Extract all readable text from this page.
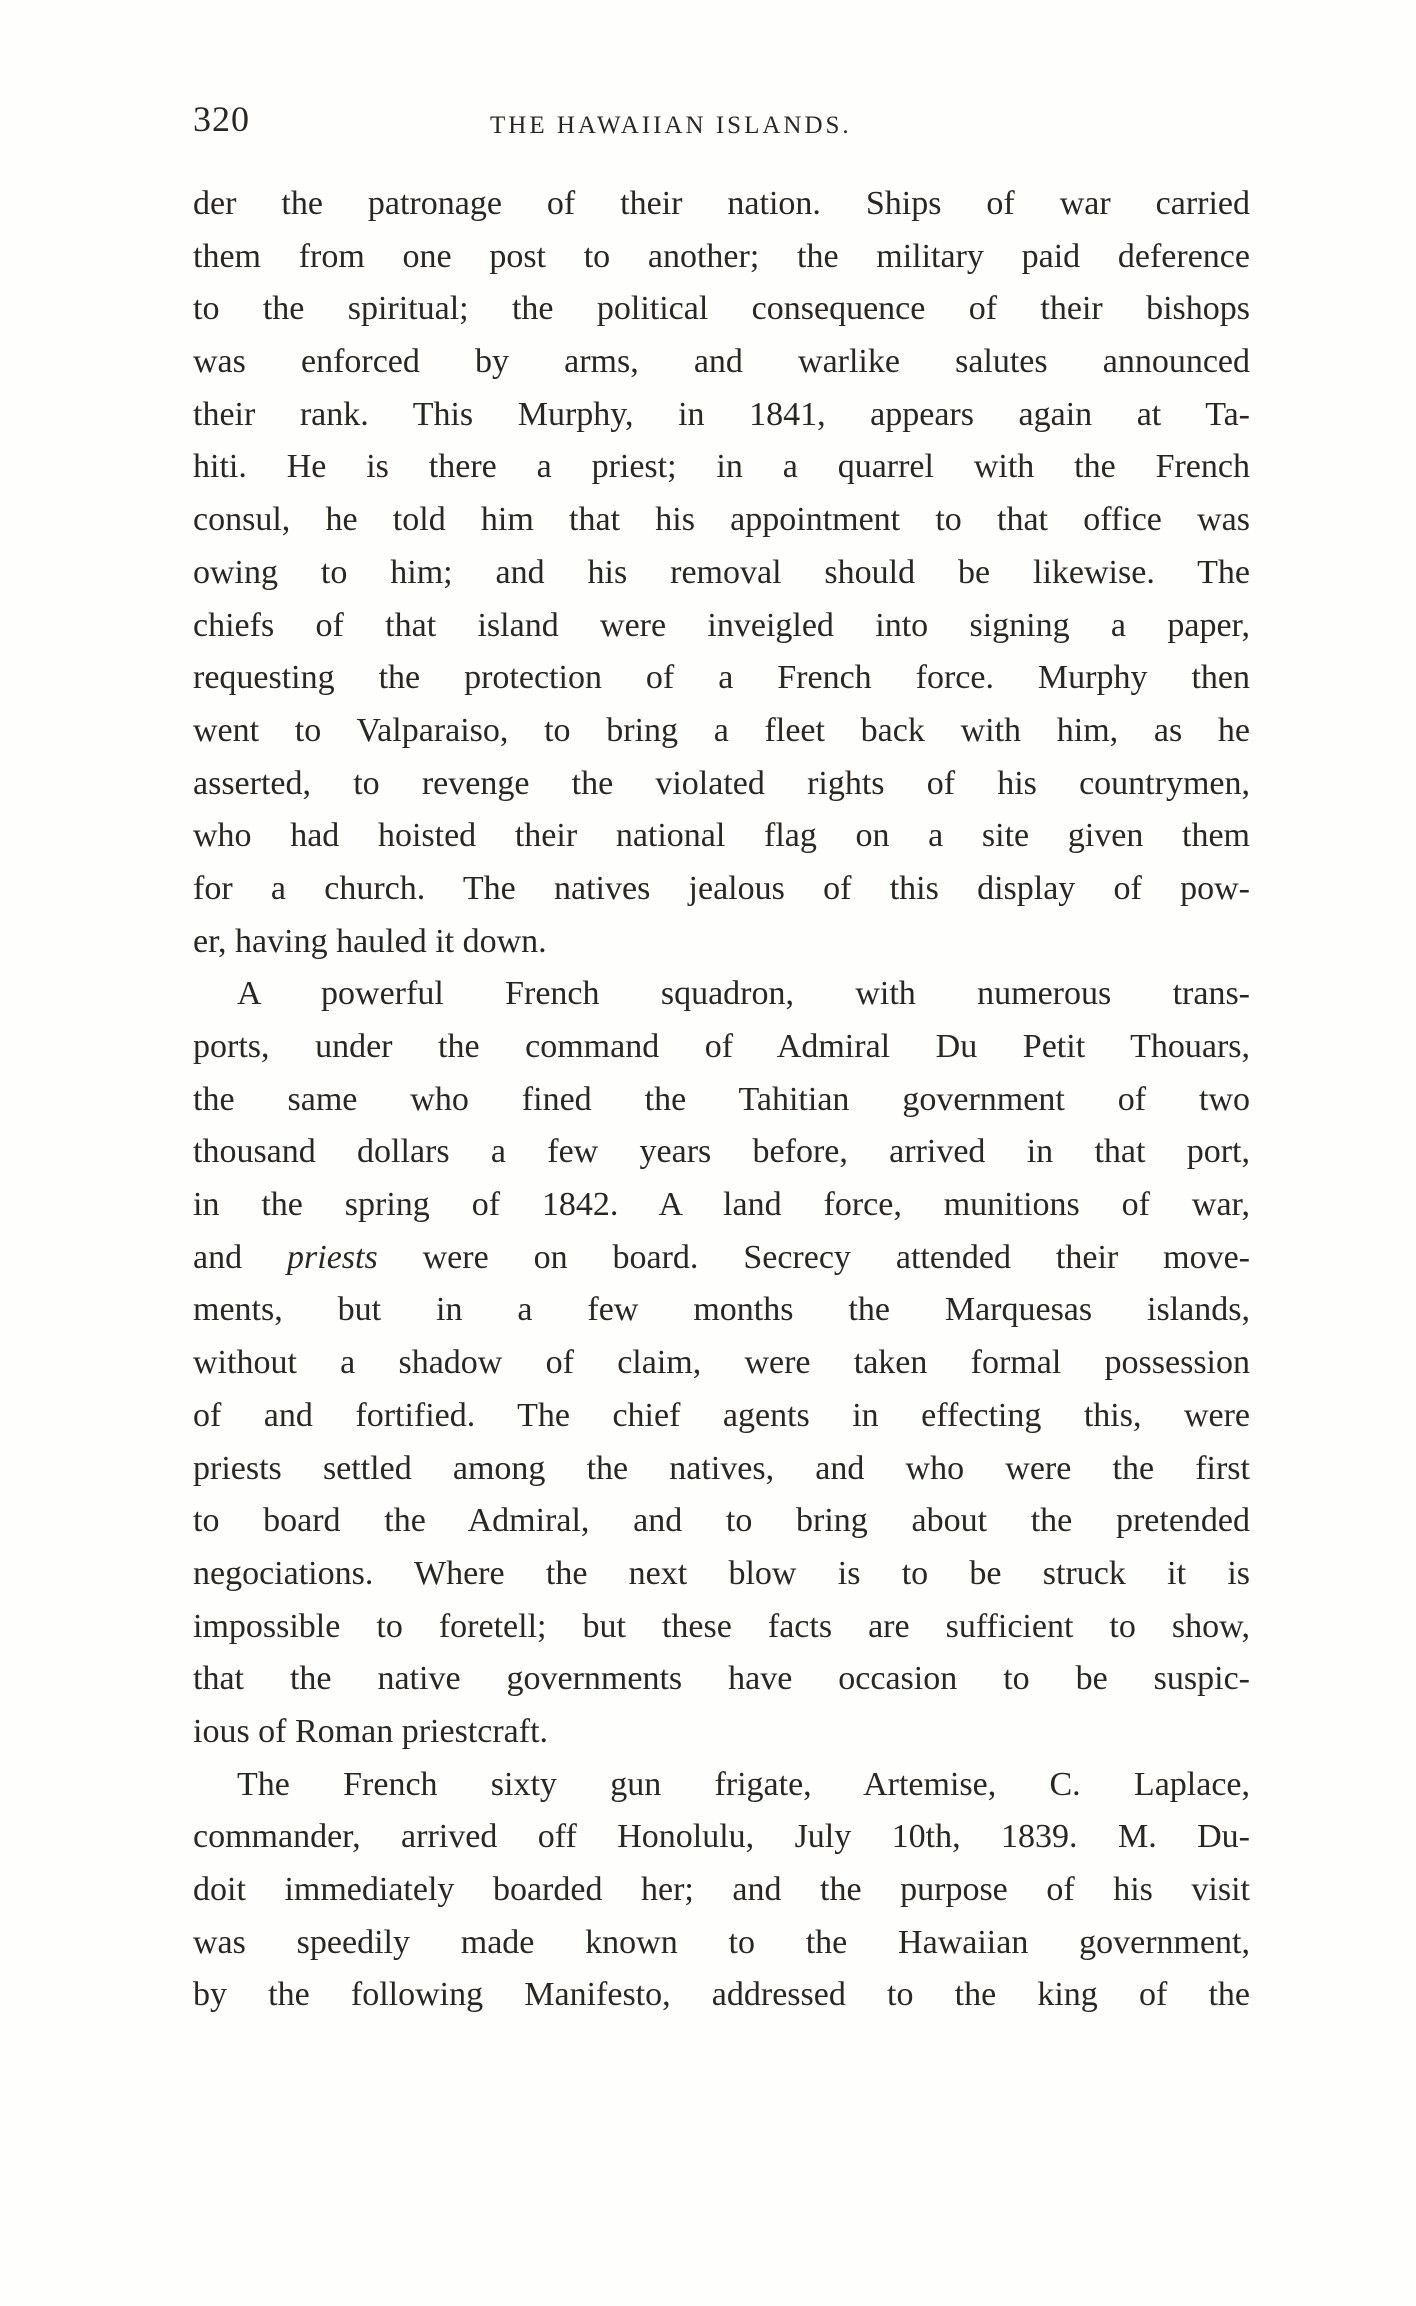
320	THE HAWAIIAN ISLANDS.
der the patronage of their nation. Ships of war carried
them from one post to another; the military paid deference
to the spiritual; the political consequence of their bishops
was enforced by arms, and warlike salutes announced
their rank. This Murphy, in 1841, appears again at Ta-
hiti. He is there a priest; in a quarrel with the French
consul, he told him that his appointment to that office was
owing to him; and his removal should be likewise. The
chiefs of that island were inveigled into signing a paper,
requesting the protection of a French force. Murphy then
went to Valparaiso, to bring a fleet back with him, as he
asserted, to revenge the violated rights of his countrymen,
who had hoisted their national flag on a site given them
for a church. The natives jealous of this display of pow-
er, having hauled it down.
A powerful French squadron, with numerous trans-
ports, under the command of Admiral Du Petit Thouars,
the same who fined the Tahitian government of two
thousand dollars a few years before, arrived in that port,
in the spring of 1842. A land force, munitions of war,
and priests were on board. Secrecy attended their move-
ments, but in a few months the Marquesas islands,
without a shadow of claim, were taken formal possession
of and fortified. The chief agents in effecting this, were
priests settled among the natives, and who were the first
to board the Admiral, and to bring about the pretended
negociations. Where the next blow is to be struck it is
impossible to foretell; but these facts are sufficient to show,
that the native governments have occasion to be suspic-
ious of Roman priestcraft.
The French sixty gun frigate, Artemise, C. Laplace,
commander, arrived off Honolulu, July 10th, 1839. M. Du-
doit immediately boarded her; and the purpose of his visit
was speedily made known to the Hawaiian government,
by the following Manifesto, addressed to the king of the
